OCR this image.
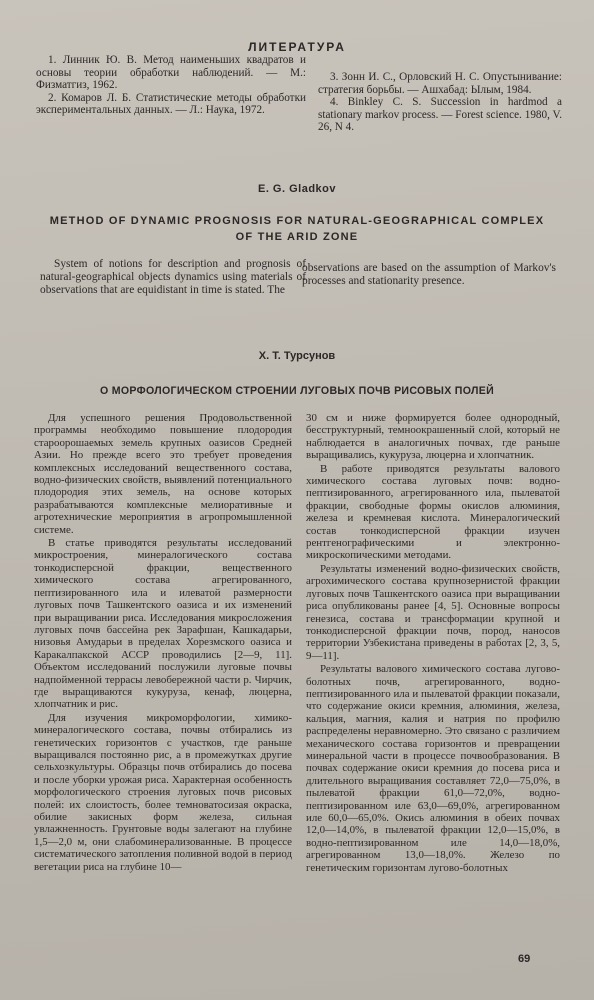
ЛИТЕРАТУРА

1. Линник Ю. В. Метод наименьших квадратов и основы теории обработки наблюдений. — М.: Физматгиз, 1962.

2. Комаров Л. Б. Статистические методы обработки экспериментальных данных. — Л.: Наука, 1972.

3. Зонн И. С., Орловский Н. С. Опустынивание: стратегия борьбы. — Ашхабад: Ылым, 1984.

4. Binkley C. S. Succession in hardmod a stationary markov process. — Forest science. 1980, V. 26, N 4.

E. G. Gladkov
METHOD OF DYNAMIC PROGNOSIS FOR NATURAL-GEOGRAPHICAL COMPLEX OF THE ARID ZONE

System of notions for description and prognosis of natural-geographical objects dynamics using materials of observations that are equidistant in time is stated. The

observations are based on the assumption of Markov's processes and stationarity presence.

Х. Т. Турсунов
О МОРФОЛОГИЧЕСКОМ СТРОЕНИИ ЛУГОВЫХ ПОЧВ РИСОВЫХ ПОЛЕЙ

Для успешного решения Продовольственной программы необходимо повышение плодородия староорошаемых земель крупных оазисов Средней Азии. Но прежде всего это требует проведения комплексных исследований вещественного состава, водно-физических свойств, выявлений потенциального плодородия этих земель, на основе которых разрабатываются комплексные мелиоративные и агротехнические мероприятия в агропромышленной системе.

В статье приводятся результаты исследований микростроения, минералогического состава тонкодисперсной фракции, вещественного химического состава агрегированного, пептизированного ила и илеватой размерности луговых почв Ташкентского оазиса и их изменений при выращивании риса. Исследования микросложения луговых почв бассейна рек Зарафшан, Кашкадарьи, низовья Амударьи в пределах Хорезмского оазиса и Каракалпакской АССР проводились [2—9, 11]. Объектом исследований послужили луговые почвы надпойменной террасы левобережной части р. Чирчик, где выращиваются кукуруза, кенаф, люцерна, хлопчатник и рис.

Для изучения микроморфологии, химико-минералогического состава, почвы отбирались из генетических горизонтов с участков, где раньше выращивался постоянно рис, а в промежутках другие сельхозкультуры. Образцы почв отбирались до посева и после уборки урожая риса. Характерная особенность морфологического строения луговых почв рисовых полей: их слоистость, более темноватосизая окраска, обилие закисных форм железа, сильная увлажненность. Грунтовые воды залегают на глубине 1,5—2,0 м, они слабоминерализованные. В процессе систематического затопления поливной водой в период вегетации риса на глубине 10—

30 см и ниже формируется более однородный, бесструктурный, темноокрашенный слой, который не наблюдается в аналогичных почвах, где раньше выращивались, кукуруза, люцерна и хлопчатник.

В работе приводятся результаты валового химического состава луговых почв: водно-пептизированного, агрегированного ила, пылеватой фракции, свободные формы окислов алюминия, железа и кремневая кислота. Минералогический состав тонкодисперсной фракции изучен рентгенографическими и электронно-микроскопическими методами.

Результаты изменений водно-физических свойств, агрохимического состава крупнозернистой фракции луговых почв Ташкентского оазиса при выращивании риса опубликованы ранее [4, 5]. Основные вопросы генезиса, состава и трансформации крупной и тонкодисперсной фракции почв, пород, наносов территории Узбекистана приведены в работах [2, 3, 5, 9—11].

Результаты валового химического состава лугово-болотных почв, агрегированного, водно-пептизированного ила и пылеватой фракции показали, что содержание окиси кремния, алюминия, железа, кальция, магния, калия и натрия по профилю распределены неравномерно. Это связано с различием механического состава горизонтов и превращении минеральной части в процессе почвообразования. В почвах содержание окиси кремния до посева риса и длительного выращивания составляет 72,0—75,0%, в пылеватой фракции 61,0—72,0%, водно-пептизированном иле 63,0—69,0%, агрегированном иле 60,0—65,0%. Окись алюминия в обеих почвах 12,0—14,0%, в пылеватой фракции 12,0—15,0%, в водно-пептизированном иле 14,0—18,0%, агрегированном 13,0—18,0%. Железо по генетическим горизонтам лугово-болотных

69
